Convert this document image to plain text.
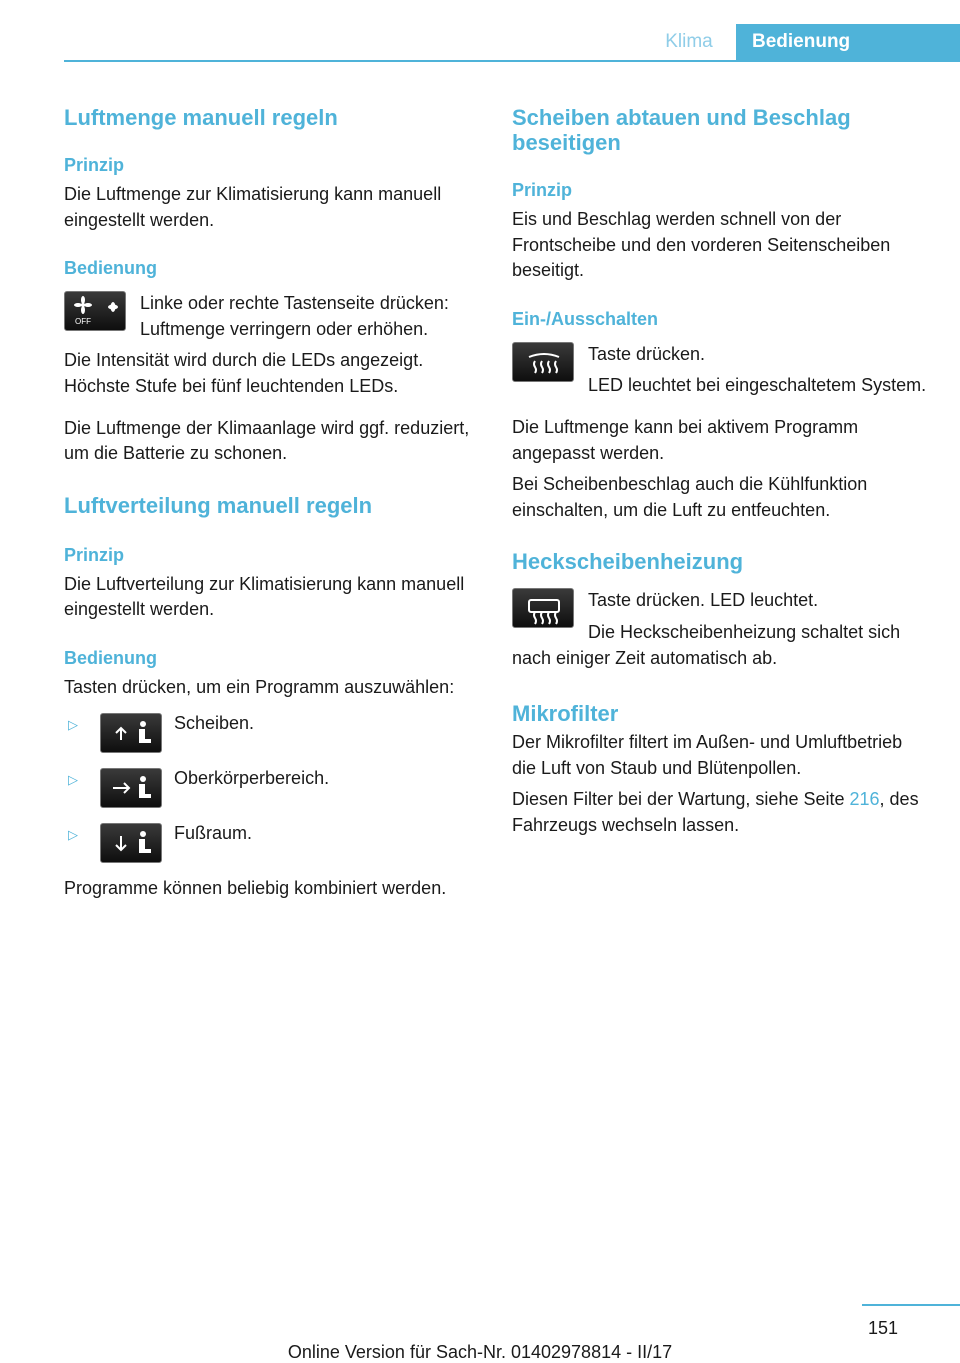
Klima	Bedienung
Luftmenge manuell regeln
Prinzip

Die Luftmenge zur Klimatisierung kann manuell eingestellt werden.

Bedienung
OFF

Linke oder rechte Tastenseite drücken: Luftmenge verringern oder erhöhen.

Die Intensität wird durch die LEDs angezeigt. Höchste Stufe bei fünf leuchtenden LEDs.

Die Luftmenge der Klimaanlage wird ggf. reduziert, um die Batterie zu schonen.

Luftverteilung manuell regeln
Prinzip

Die Luftverteilung zur Klimatisierung kann manuell eingestellt werden.

Bedienung

Tasten drücken, um ein Programm auszuwählen:

▷	Scheiben.
▷	Oberkörperbereich.
▷	Fußraum.

Programme können beliebig kombiniert werden.

Scheiben abtauen und Beschlag beseitigen
Prinzip

Eis und Beschlag werden schnell von der Frontscheibe und den vorderen Seitenscheiben beseitigt.

Ein-/Ausschalten

Taste drücken.

LED leuchtet bei eingeschaltetem System.

Die Luftmenge kann bei aktivem Programm angepasst werden.

Bei Scheibenbeschlag auch die Kühlfunktion einschalten, um die Luft zu entfeuchten.

Heckscheibenheizung

Taste drücken. LED leuchtet.

Die Heckscheibenheizung schaltet sich nach einiger Zeit automatisch ab.

Mikrofilter

Der Mikrofilter filtert im Außen- und Umluftbetrieb die Luft von Staub und Blütenpollen.

Diesen Filter bei der Wartung, siehe Seite 216, des Fahrzeugs wechseln lassen.

151
Online Version für Sach-Nr. 01402978814 - II/17
